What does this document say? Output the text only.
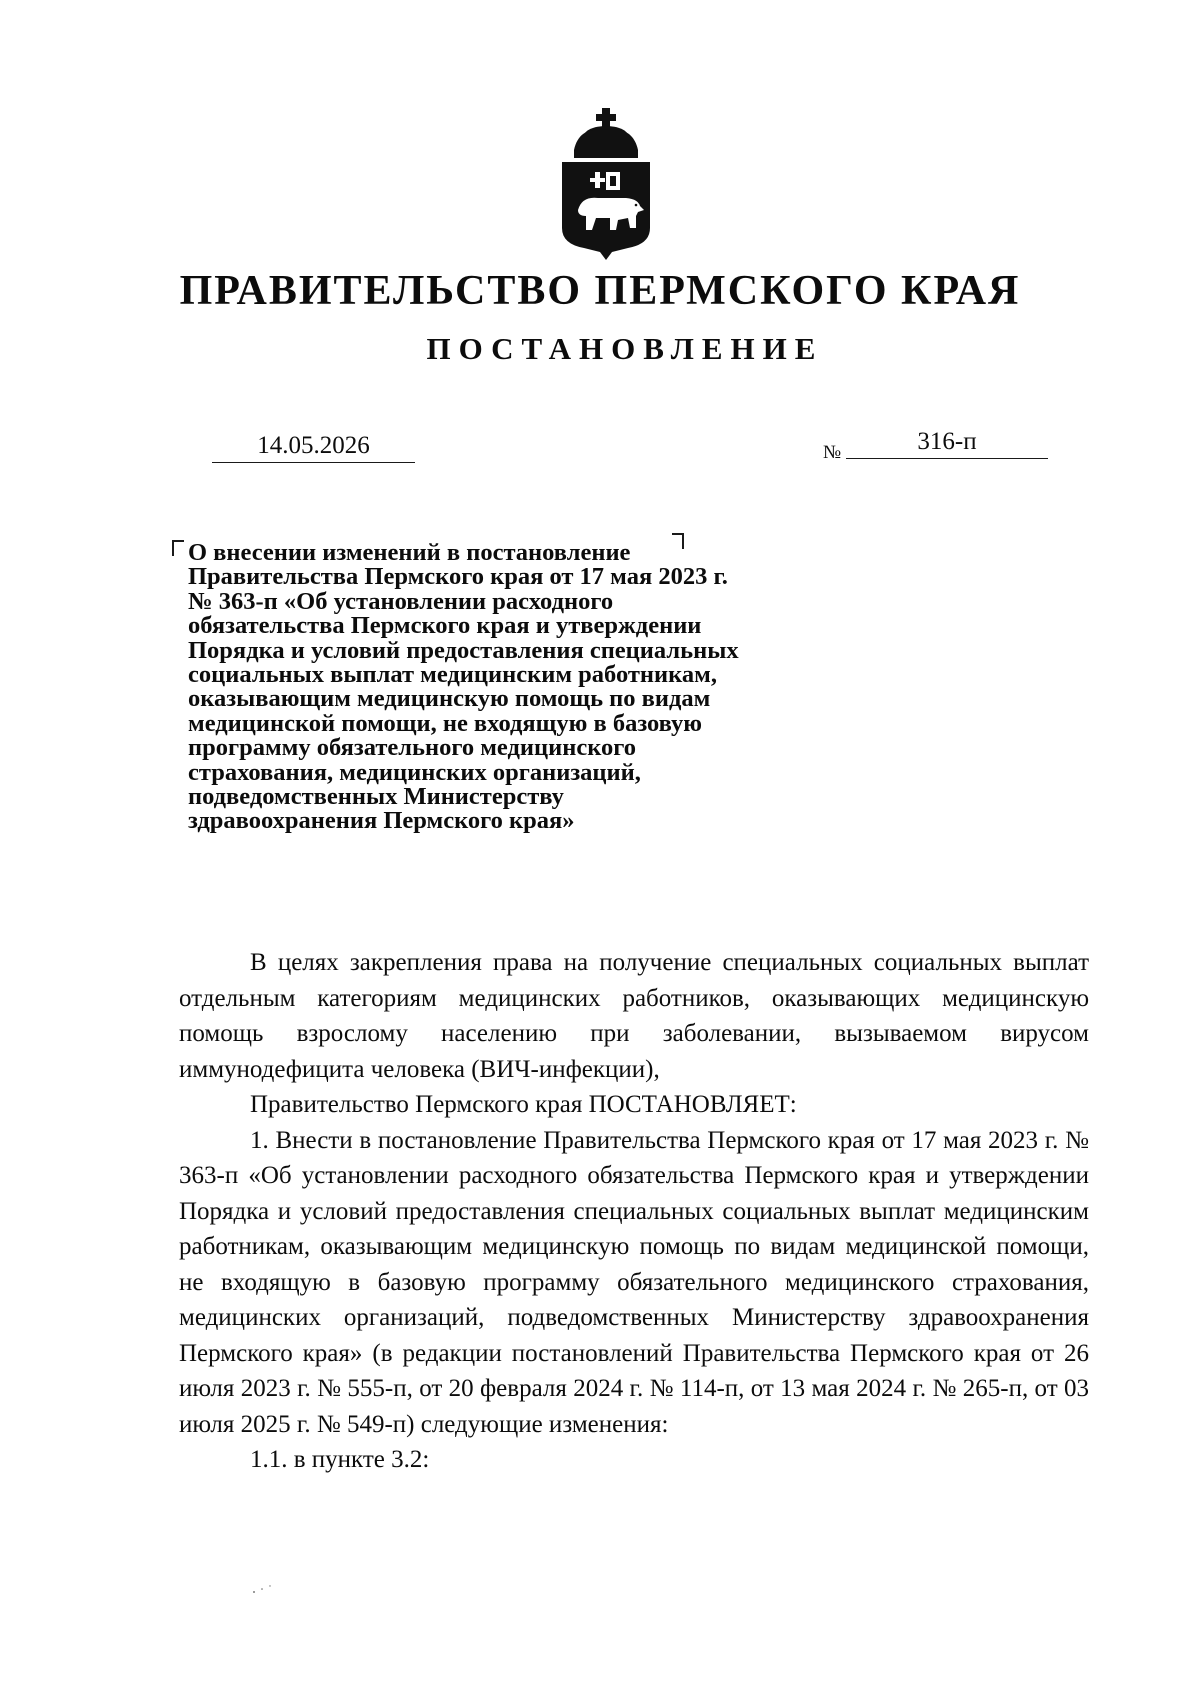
ПРАВИТЕЛЬСТВО ПЕРМСКОГО КРАЯ
ПОСТАНОВЛЕНИЕ
14.05.2026	№	316-п
О внесении изменений в постановление
Правительства Пермского края от 17 мая 2023 г.
№ 363-п «Об установлении расходного
обязательства Пермского края и утверждении
Порядка и условий предоставления специальных
социальных выплат медицинским работникам,
оказывающим медицинскую помощь по видам
медицинской помощи, не входящую в базовую
программу обязательного медицинского
страхования, медицинских организаций,
подведомственных Министерству
здравоохранения Пермского края»

В целях закрепления права на получение специальных социальных выплат отдельным категориям медицинских работников, оказывающих медицинскую помощь взрослому населению при заболевании, вызываемом вирусом иммунодефицита человека (ВИЧ-инфекции),

Правительство Пермского края ПОСТАНОВЛЯЕТ:

1. Внести в постановление Правительства Пермского края от 17 мая 2023 г. № 363-п «Об установлении расходного обязательства Пермского края и утверждении Порядка и условий предоставления специальных социальных выплат медицинским работникам, оказывающим медицинскую помощь по видам медицинской помощи, не входящую в базовую программу обязательного медицинского страхования, медицинских организаций, подведомственных Министерству здравоохранения Пермского края» (в редакции постановлений Правительства Пермского края от 26 июля 2023 г. № 555-п, от 20 февраля 2024 г. № 114-п, от 13 мая 2024 г. № 265-п, от 03 июля 2025 г. № 549-п) следующие изменения:

1.1. в пункте 3.2:
